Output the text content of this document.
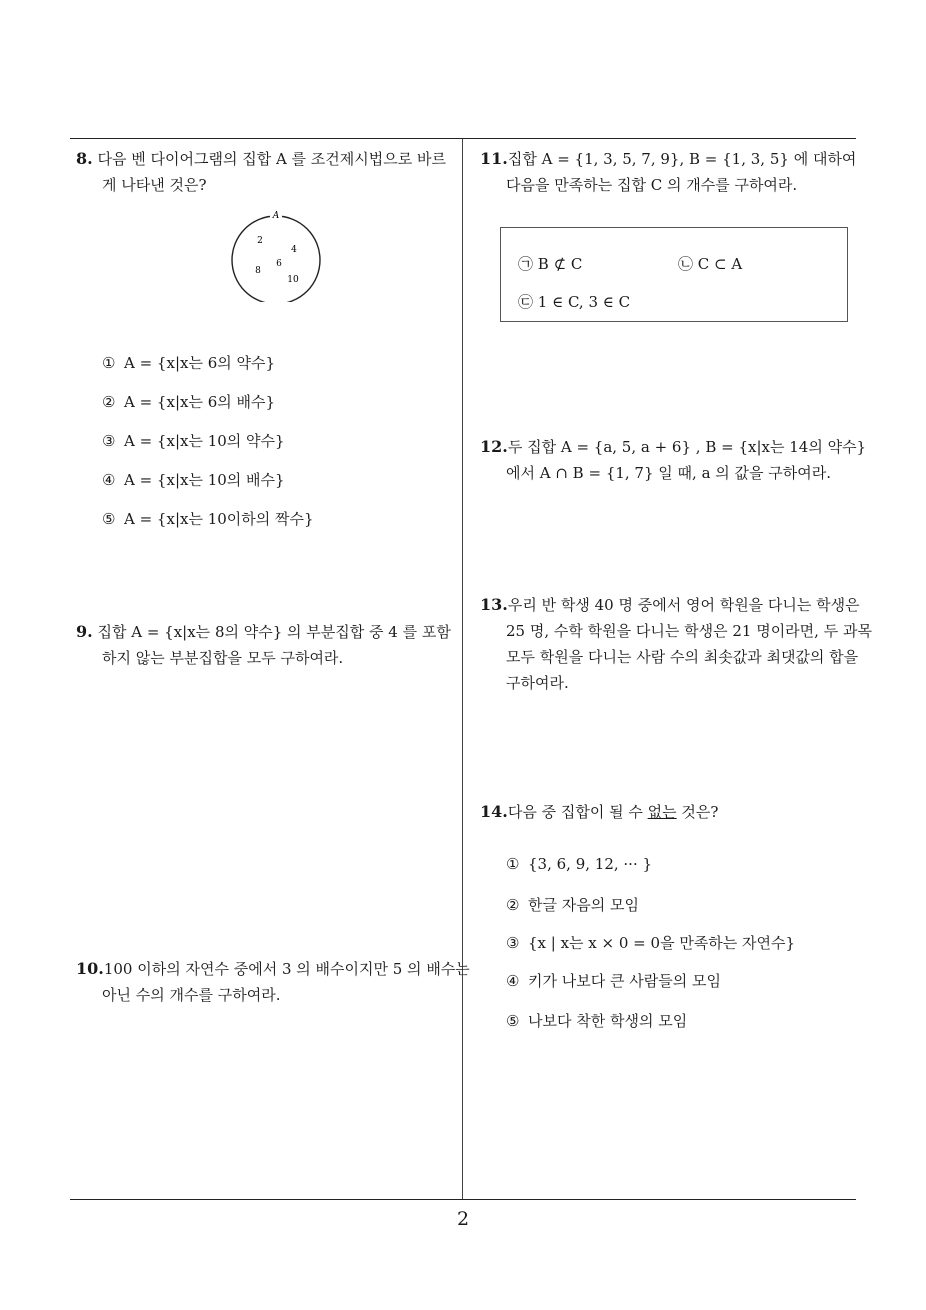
8. 다음 벤 다이어그램의 집합 A 를 조건제시법으로 바르
게 나타낸 것은?
A
2
4
6
8
10
① A = {x|x는 6의 약수}
② A = {x|x는 6의 배수}
③ A = {x|x는 10의 약수}
④ A = {x|x는 10의 배수}
⑤ A = {x|x는 10이하의 짝수}
9. 집합 A = {x|x는 8의 약수} 의 부분집합 중 4 를 포함
하지 않는 부분집합을 모두 구하여라.
10.100 이하의 자연수 중에서 3 의 배수이지만 5 의 배수는
아닌 수의 개수를 구하여라.
11.집합 A = {1, 3, 5, 7, 9}, B = {1, 3, 5} 에 대하여
다음을 만족하는 집합 C 의 개수를 구하여라.
㉠ B ⊄ C	㉡ C ⊂ A
㉢ 1 ∈ C, 3 ∈ C
12.두 집합 A = {a, 5, a + 6} , B = {x|x는 14의 약수}
에서 A ∩ B = {1, 7} 일 때, a 의 값을 구하여라.
13.우리 반 학생 40 명 중에서 영어 학원을 다니는 학생은
25 명, 수학 학원을 다니는 학생은 21 명이라면, 두 과목
모두 학원을 다니는 사람 수의 최솟값과 최댓값의 합을
구하여라.
14.다음 중 집합이 될 수 없는 것은?
① {3, 6, 9, 12, ··· }
② 한글 자음의 모임
③ {x | x는 x × 0 = 0을 만족하는 자연수}
④ 키가 나보다 큰 사람들의 모임
⑤ 나보다 착한 학생의 모임
2
